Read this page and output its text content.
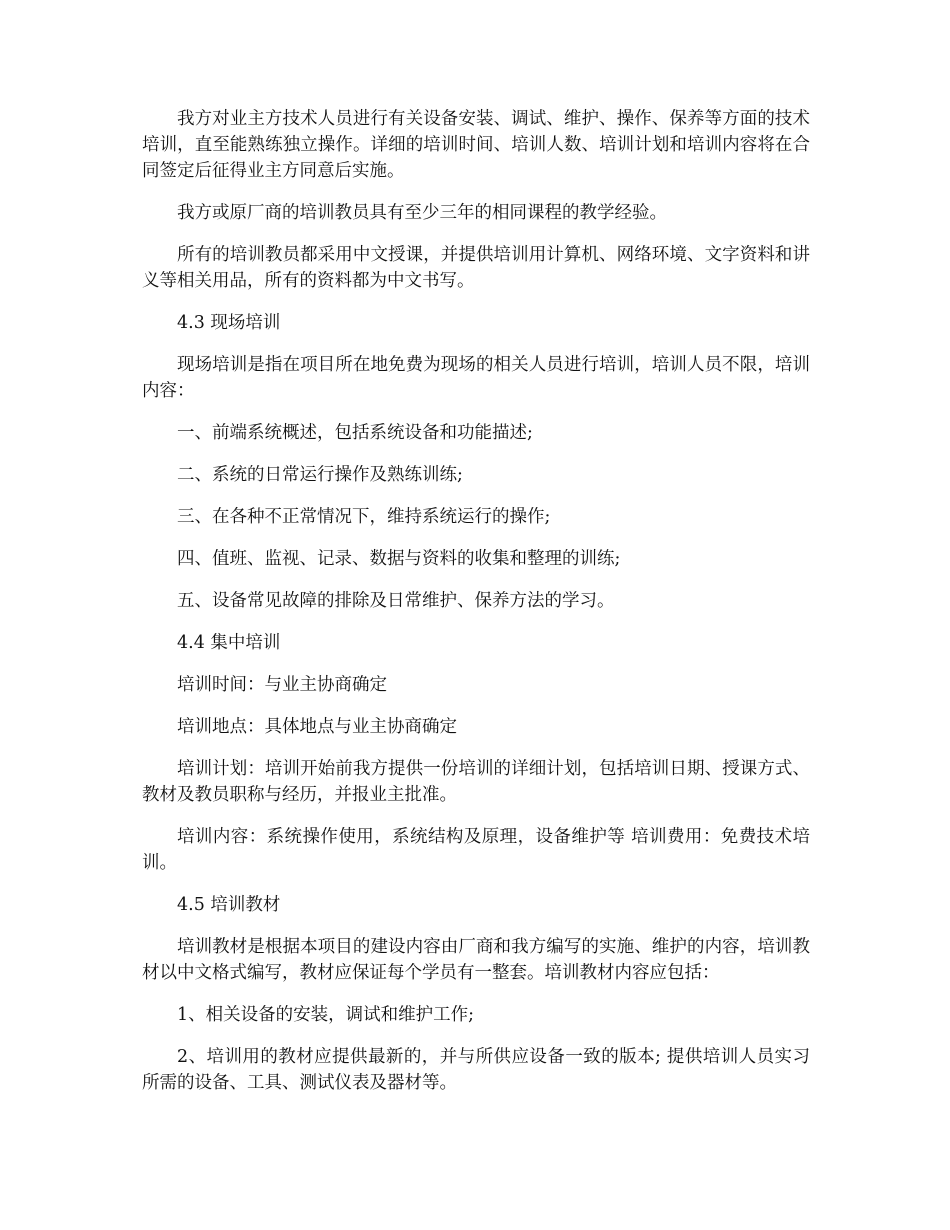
我方对业主方技术人员进行有关设备安装、调试、维护、操作、保养等方面的技术培训，直至能熟练独立操作。详细的培训时间、培训人数、培训计划和培训内容将在合同签定后征得业主方同意后实施。

我方或原厂商的培训教员具有至少三年的相同课程的教学经验。

所有的培训教员都采用中文授课，并提供培训用计算机、网络环境、文字资料和讲义等相关用品，所有的资料都为中文书写。

4.3 现场培训

现场培训是指在项目所在地免费为现场的相关人员进行培训，培训人员不限，培训内容：

一、前端系统概述，包括系统设备和功能描述;

二、系统的日常运行操作及熟练训练;

三、在各种不正常情况下，维持系统运行的操作;

四、值班、监视、记录、数据与资料的收集和整理的训练;

五、设备常见故障的排除及日常维护、保养方法的学习。

4.4 集中培训

培训时间：与业主协商确定

培训地点：具体地点与业主协商确定

培训计划：培训开始前我方提供一份培训的详细计划，包括培训日期、授课方式、教材及教员职称与经历，并报业主批准。

培训内容：系统操作使用，系统结构及原理，设备维护等 培训费用：免费技术培训。

4.5 培训教材

培训教材是根据本项目的建设内容由厂商和我方编写的实施、维护的内容，培训教材以中文格式编写，教材应保证每个学员有一整套。培训教材内容应包括：

1、相关设备的安装，调试和维护工作;

2、培训用的教材应提供最新的，并与所供应设备一致的版本; 提供培训人员实习所需的设备、工具、测试仪表及器材等。
